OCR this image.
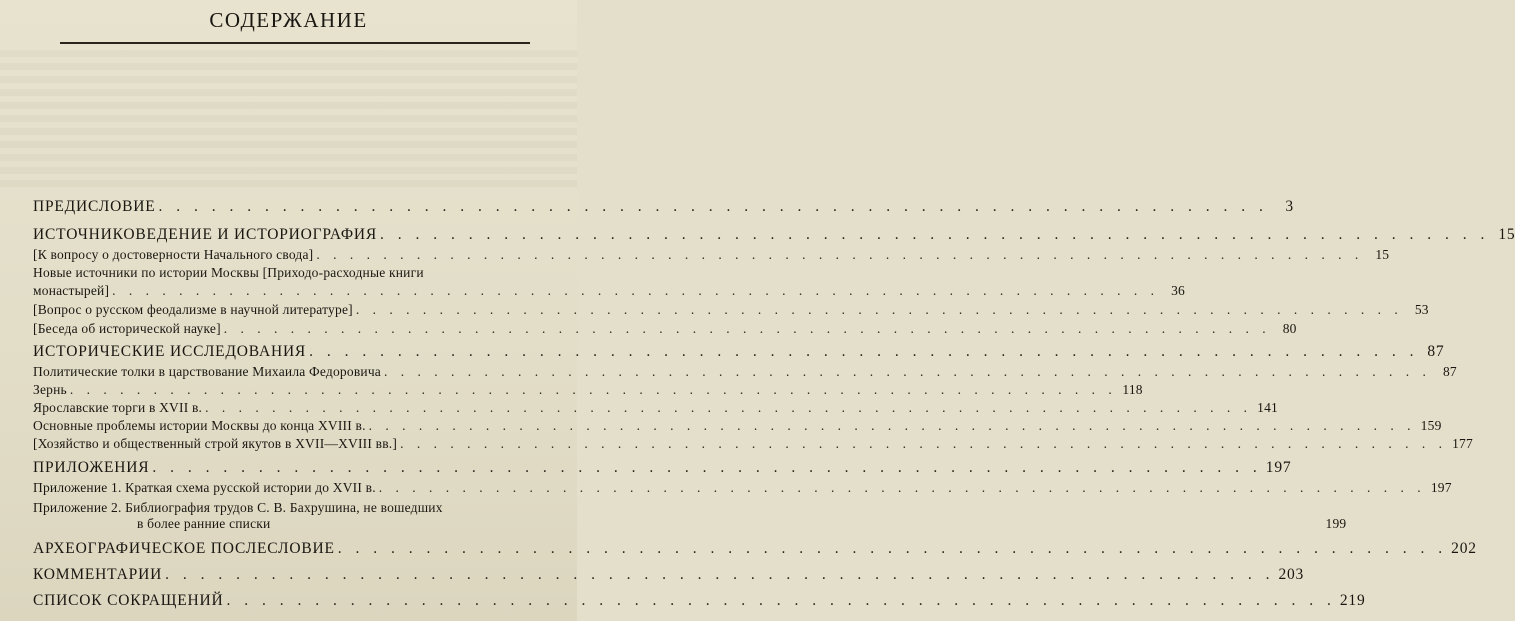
СОДЕРЖАНИЕ
ПРЕДИСЛОВИЕ . . . . . . . . . . . . . . . . . . . . . . . . . . . . . . . . . . . . . . . . . . . . . . . . . . . . . . . . . . . . . . .	3
ИСТОЧНИКОВЕДЕНИЕ И ИСТОРИОГРАФИЯ . . . . . . . . . . . . . . . . . . . . . . . . . . . . . . . . . . . . . . . . . . . . . . . . . . . . . . . . . . . . . . . 15
[К вопросу о достоверности Начального свода] . . . . . . . . . . . . . . . . . . . . . . . . . . . . . . . . . . . . . . . . . . . . . . . . . . . . . . . . . . . . . . . 15
Новые источники по истории Москвы [Приходо-расходные книги
монастырей] . . . . . . . . . . . . . . . . . . . . . . . . . . . . . . . . . . . . . . . . . . . . . . . . . . . . . . . . . . . . . . . 36
[Вопрос о русском феодализме в научной литературе] . . . . . . . . . . . . . . . . . . . . . . . . . . . . . . . . . . . . . . . . . . . . . . . . . . . . . . . . . . . . . . . 53
[Беседа об исторической науке] . . . . . . . . . . . . . . . . . . . . . . . . . . . . . . . . . . . . . . . . . . . . . . . . . . . . . . . . . . . . . . . 80
ИСТОРИЧЕСКИЕ ИССЛЕДОВАНИЯ . . . . . . . . . . . . . . . . . . . . . . . . . . . . . . . . . . . . . . . . . . . . . . . . . . . . . . . . . . . . . . . 87
Политические толки в царствование Михаила Федоровича . . . . . . . . . . . . . . . . . . . . . . . . . . . . . . . . . . . . . . . . . . . . . . . . . . . . . . . . . . . . . . . 87
Зернь . . . . . . . . . . . . . . . . . . . . . . . . . . . . . . . . . . . . . . . . . . . . . . . . . . . . . . . . . . . . . . . 118
Ярославские торги в XVII в. . . . . . . . . . . . . . . . . . . . . . . . . . . . . . . . . . . . . . . . . . . . . . . . . . . . . . . . . . . . . . . . 141
Основные проблемы истории Москвы до конца XVIII в. . . . . . . . . . . . . . . . . . . . . . . . . . . . . . . . . . . . . . . . . . . . . . . . . . . . . . . . . . . . . . . . 159
[Хозяйство и общественный строй якутов в XVII—XVIII вв.] . . . . . . . . . . . . . . . . . . . . . . . . . . . . . . . . . . . . . . . . . . . . . . . . . . . . . . . . . . . . . . . 177
ПРИЛОЖЕНИЯ . . . . . . . . . . . . . . . . . . . . . . . . . . . . . . . . . . . . . . . . . . . . . . . . . . . . . . . . . . . . . . . 197
Приложение 1. Краткая схема русской истории до XVII в. . . . . . . . . . . . . . . . . . . . . . . . . . . . . . . . . . . . . . . . . . . . . . . . . . . . . . . . . . . . . . . . 197
Приложение 2. Библиография трудов С. В. Бахрушина, не вошедших
в более ранние списки	199
АРХЕОГРАФИЧЕСКОЕ ПОСЛЕСЛОВИЕ . . . . . . . . . . . . . . . . . . . . . . . . . . . . . . . . . . . . . . . . . . . . . . . . . . . . . . . . . . . . . . . 202
КОММЕНТАРИИ . . . . . . . . . . . . . . . . . . . . . . . . . . . . . . . . . . . . . . . . . . . . . . . . . . . . . . . . . . . . . . . 203
СПИСОК СОКРАЩЕНИЙ . . . . . . . . . . . . . . . . . . . . . . . . . . . . . . . . . . . . . . . . . . . . . . . . . . . . . . . . . . . . . . . 219
